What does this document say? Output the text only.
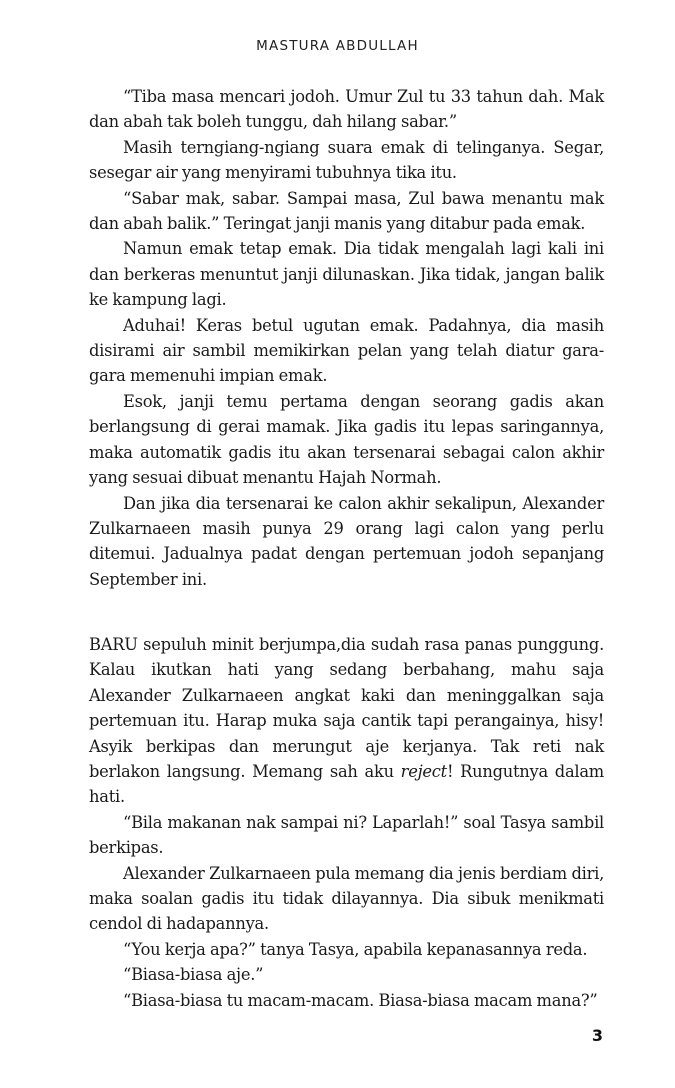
MASTURA ABDULLAH

“Tiba masa mencari jodoh. Umur Zul tu 33 tahun dah. Mak dan abah tak boleh tunggu, dah hilang sabar.”

Masih terngiang-ngiang suara emak di telinganya. Segar, sesegar air yang menyirami tubuhnya tika itu.

“Sabar mak, sabar. Sampai masa, Zul bawa menantu mak dan abah balik.” Teringat janji manis yang ditabur pada emak.

Namun emak tetap emak. Dia tidak mengalah lagi kali ini dan berkeras menuntut janji dilunaskan. Jika tidak, jangan balik ke kampung lagi.

Aduhai! Keras betul ugutan emak. Padahnya, dia masih disirami air sambil memikirkan pelan yang telah diatur gara-gara memenuhi impian emak.

Esok, janji temu pertama dengan seorang gadis akan berlangsung di gerai mamak. Jika gadis itu lepas saringannya, maka automatik gadis itu akan tersenarai sebagai calon akhir yang sesuai dibuat menantu Hajah Normah.

Dan jika dia tersenarai ke calon akhir sekalipun, Alexander Zulkarnaeen masih punya 29 orang lagi calon yang perlu ditemui. Jadualnya padat dengan pertemuan jodoh sepanjang September ini.

BARU sepuluh minit berjumpa,dia sudah rasa panas punggung. Kalau ikutkan hati yang sedang berbahang, mahu saja Alexander Zulkarnaeen angkat kaki dan meninggalkan saja pertemuan itu. Harap muka saja cantik tapi perangainya, hisy! Asyik berkipas dan merungut aje kerjanya. Tak reti nak berlakon langsung. Memang sah aku reject! Rungutnya dalam hati.

“Bila makanan nak sampai ni? Laparlah!” soal Tasya sambil berkipas.

Alexander Zulkarnaeen pula memang dia jenis berdiam diri, maka soalan gadis itu tidak dilayannya. Dia sibuk menikmati cendol di hadapannya.

“You kerja apa?” tanya Tasya, apabila kepanasannya reda.

“Biasa-biasa aje.”

“Biasa-biasa tu macam-macam. Biasa-biasa macam mana?”

3
